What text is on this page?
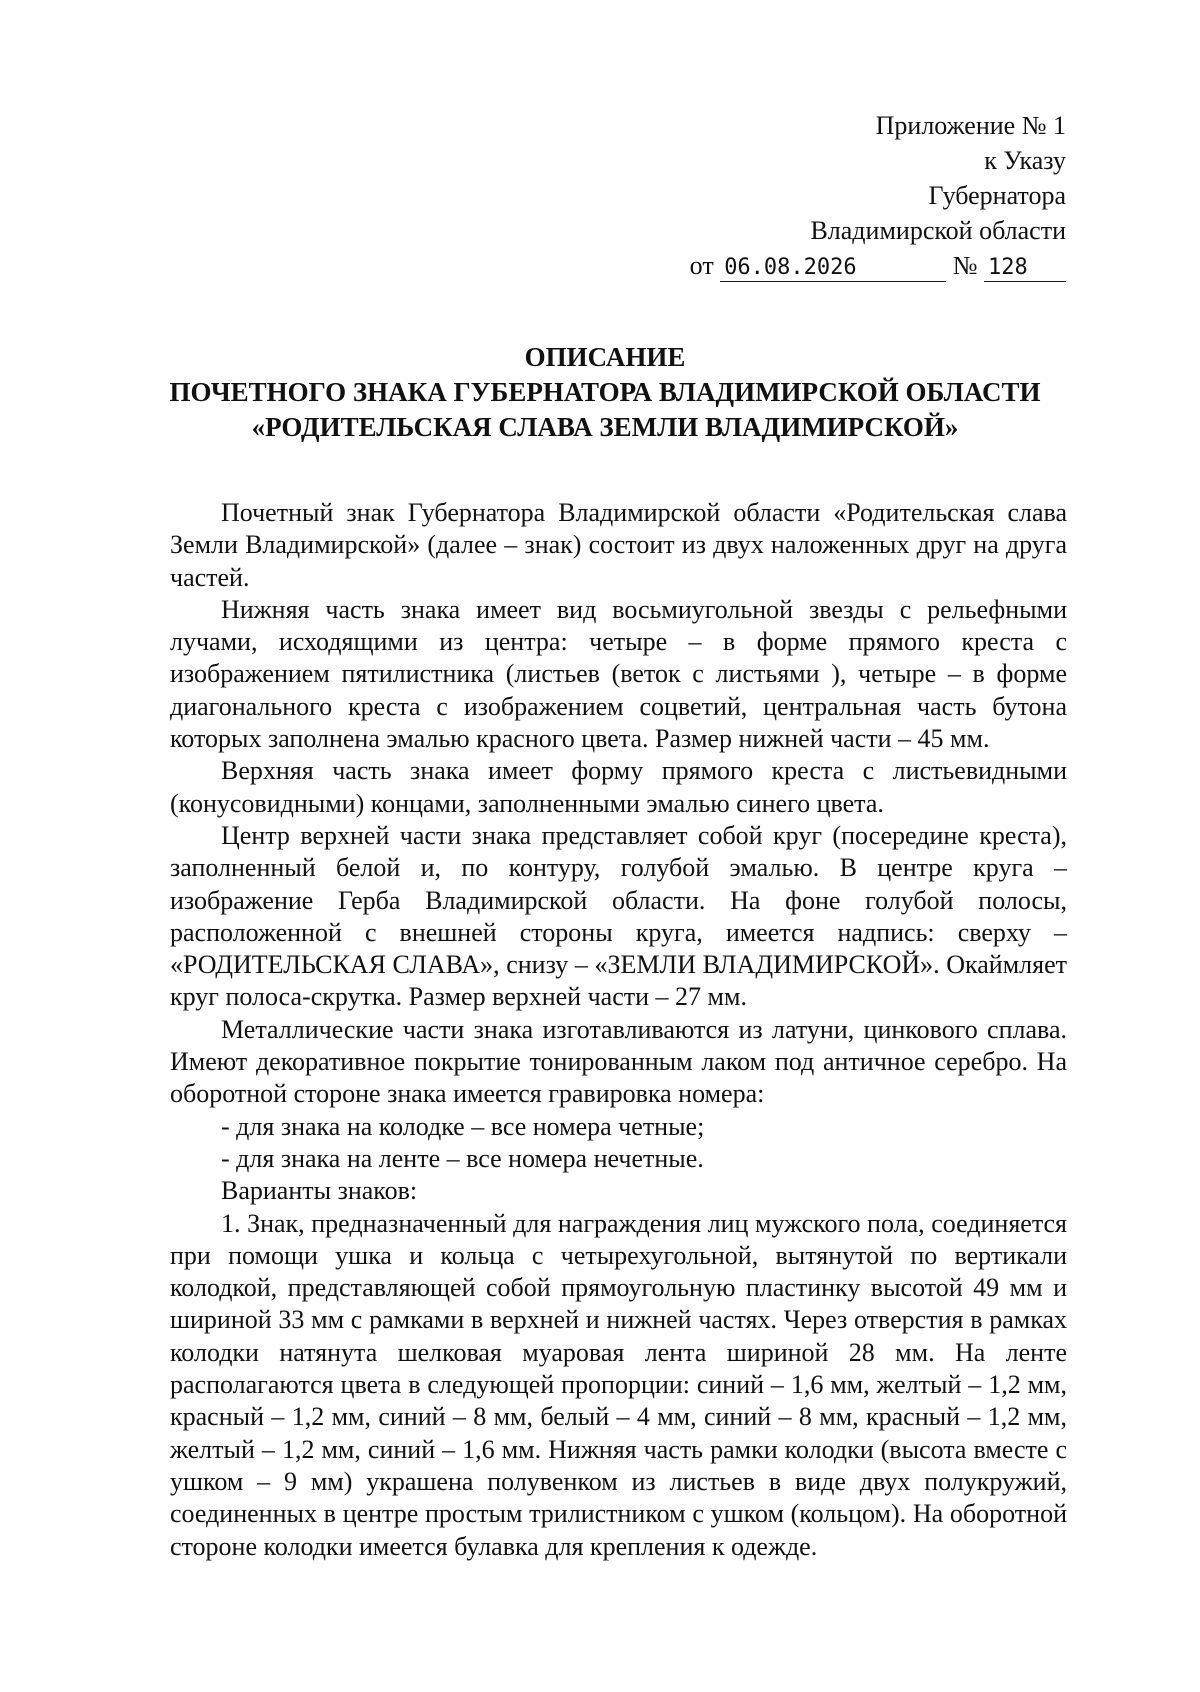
Приложение № 1
к Указу
Губернатора
Владимирской области
от 06.08.2026	№ 128
ОПИСАНИЕ
ПОЧЕТНОГО ЗНАКА ГУБЕРНАТОРА ВЛАДИМИРСКОЙ ОБЛАСТИ
«РОДИТЕЛЬСКАЯ СЛАВА ЗЕМЛИ ВЛАДИМИРСКОЙ»

Почетный знак Губернатора Владимирской области «Родительская слава Земли Владимирской» (далее – знак) состоит из двух наложенных друг на друга частей.

Нижняя часть знака имеет вид восьмиугольной звезды с рельефными лучами, исходящими из центра: четыре – в форме прямого креста с изображением пятилистника (листьев (веток с листьями ), четыре – в форме диагонального креста с изображением соцветий, центральная часть бутона которых заполнена эмалью красного цвета. Размер нижней части – 45 мм.

Верхняя часть знака имеет форму прямого креста с листьевидными (конусовидными) концами, заполненными эмалью синего цвета.

Центр верхней части знака представляет собой круг (посередине креста), заполненный белой и, по контуру, голубой эмалью. В центре круга – изображение Герба Владимирской области. На фоне голубой полосы, расположенной с внешней стороны круга, имеется надпись: сверху – «РОДИТЕЛЬСКАЯ СЛАВА», снизу – «ЗЕМЛИ ВЛАДИМИРСКОЙ». Окаймляет круг полоса-скрутка. Размер верхней части – 27 мм.

Металлические части знака изготавливаются из латуни, цинкового сплава. Имеют декоративное покрытие тонированным лаком под античное серебро. На оборотной стороне знака имеется гравировка номера:

- для знака на колодке – все номера четные;

- для знака на ленте – все номера нечетные.

Варианты знаков:

1. Знак, предназначенный для награждения лиц мужского пола, соединяется при помощи ушка и кольца с четырехугольной, вытянутой по вертикали колодкой, представляющей собой прямоугольную пластинку высотой 49 мм и шириной 33 мм с рамками в верхней и нижней частях. Через отверстия в рамках колодки натянута шелковая муаровая лента шириной 28 мм. На ленте располагаются цвета в следующей пропорции: синий – 1,6 мм, желтый – 1,2 мм, красный – 1,2 мм, синий – 8 мм, белый – 4 мм, синий – 8 мм, красный – 1,2 мм, желтый – 1,2 мм, синий – 1,6 мм. Нижняя часть рамки колодки (высота вместе с ушком – 9 мм) украшена полувенком из листьев в виде двух полукружий, соединенных в центре простым трилистником с ушком (кольцом). На оборотной стороне колодки имеется булавка для крепления к одежде.
